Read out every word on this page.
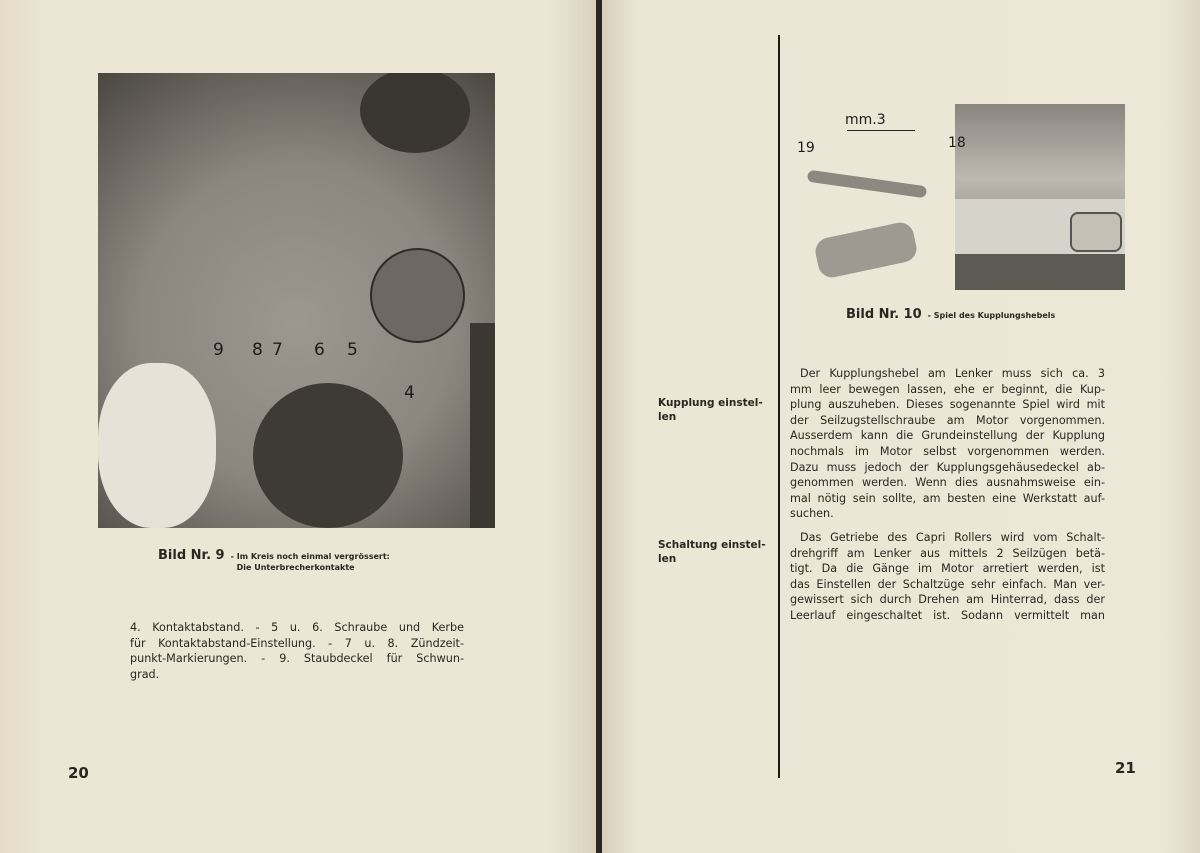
9 8 7 6 5
4
Bild Nr. 9 - Im Kreis noch einmal vergrössert:
Die Unterbrecherkontakte
4. Kontaktabstand. - 5 u. 6. Schraube und Kerbe
für Kontaktabstand-Einstellung. - 7 u. 8. Zündzeit-
punkt-Markierungen. - 9. Staubdeckel für Schwun-
grad.
20
mm.3
19	18
Bild Nr. 10 - Spiel des Kupplungshebels
Kupplung einstel-
len
Der Kupplungshebel am Lenker muss sich ca. 3
mm leer bewegen lassen, ehe er beginnt, die Kup-
plung auszuheben. Dieses sogenannte Spiel wird mit
der Seilzugstellschraube am Motor vorgenommen.
Ausserdem kann die Grundeinstellung der Kupplung
nochmals im Motor selbst vorgenommen werden.
Dazu muss jedoch der Kupplungsgehäusedeckel ab-
genommen werden. Wenn dies ausnahmsweise ein-
mal nötig sein sollte, am besten eine Werkstatt auf-
suchen.
Schaltung einstel-
len
Das Getriebe des Capri Rollers wird vom Schalt-
drehgriff am Lenker aus mittels 2 Seilzügen betä-
tigt. Da die Gänge im Motor arretiert werden, ist
das Einstellen der Schaltzüge sehr einfach. Man ver-
gewissert sich durch Drehen am Hinterrad, dass der
Leerlauf eingeschaltet ist. Sodann vermittelt man
21
